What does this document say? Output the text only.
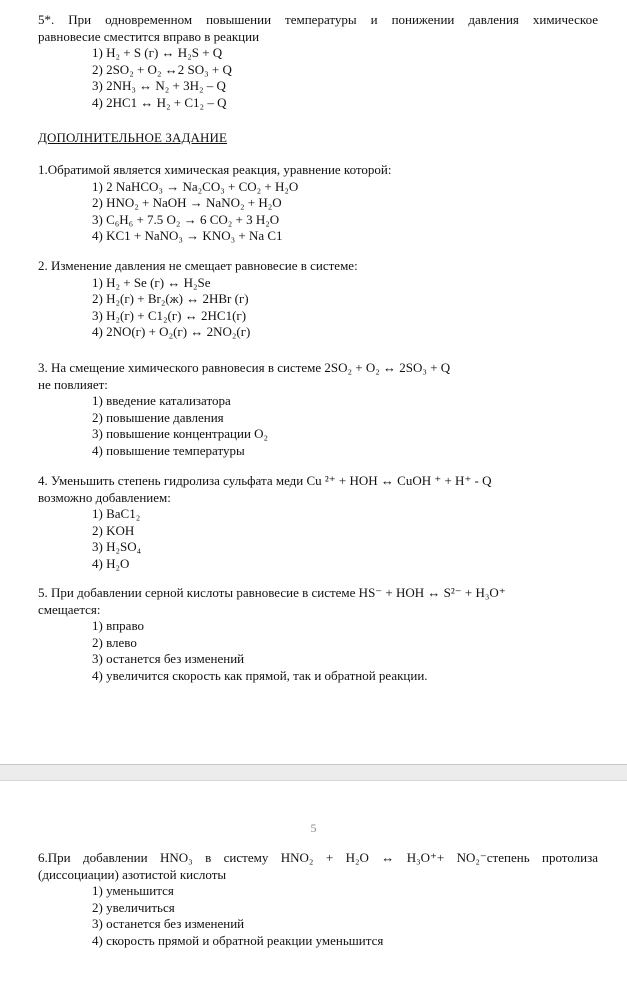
5*. При одновременном повышении температуры и понижении давления химическое
равновесие сместится вправо в реакции
1) H₂ + S (г) ↔ H₂S + Q
2) 2SO₂ + O₂ ↔2 SO₃ + Q
3) 2NH₃ ↔ N₂ + 3H₂ – Q
4) 2HC1 ↔ H₂ + C1₂ – Q
ДОПОЛНИТЕЛЬНОЕ ЗАДАНИЕ
1.Обратимой является химическая реакция, уравнение которой:
1) 2 NaHCO₃ → Na₂CO₃ + CO₂ + H₂O
2) HNO₂ + NaOH → NaNO₂ + H₂O
3) C₆H₆ + 7.5 O₂ → 6 CO₂ + 3 H₂O
4) KC1 + NaNO₃ → KNO₃ + Na C1
2. Изменение давления не смещает равновесие в системе:
1) H₂ + Se (г) ↔ H₂Se
2) H₂(г) + Br₂(ж) ↔ 2HBr (г)
3) H₂(г) + C1₂(г) ↔ 2HC1(г)
4) 2NO(г) + O₂(г) ↔ 2NO₂(г)
3. На смещение химического равновесия в системе 2SO₂ + O₂ ↔ 2SO₃ + Q
не повлияет:
1) введение катализатора
2) повышение давления
3) повышение концентрации O₂
4) повышение температуры
4. Уменьшить степень гидролиза сульфата меди Cu ²⁺ + HOH ↔ CuOH ⁺ + H⁺ - Q
возможно добавлением:
1) BaC1₂
2) KOH
3) H₂SO₄
4) H₂O
5. При добавлении серной кислоты равновесие в системе HS⁻ + HOH ↔ S²⁻ + H₃O⁺
смещается:
1) вправо
2) влево
3) останется без изменений
4) увеличится скорость как прямой, так и обратной реакции.
5
6.При добавлении HNO₃ в систему HNO₂ + H₂O ↔ H₃O⁺+ NO₂⁻степень протолиза
(диссоциации) азотистой кислоты
1) уменьшится
2) увеличиться
3) останется без изменений
4) скорость прямой и обратной реакции уменьшится
